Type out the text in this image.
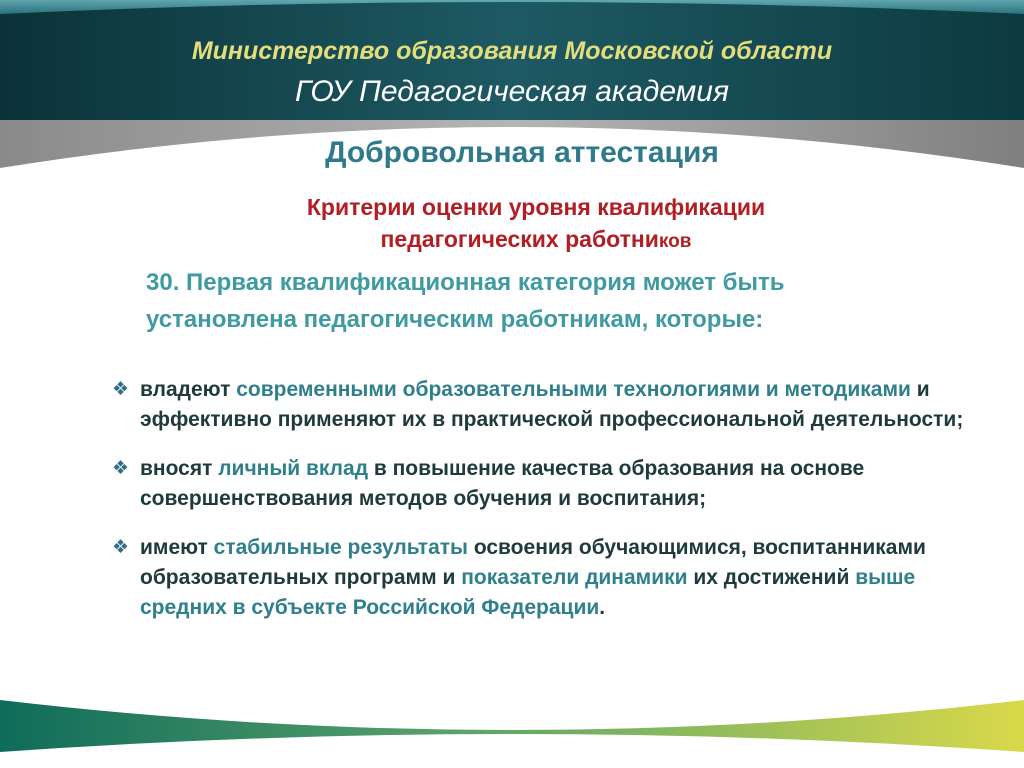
Министерство образования Московской области
ГОУ Педагогическая академия
Добровольная аттестация
Критерии оценки уровня квалификации
педагогических работников
30. Первая квалификационная категория может быть
установлена педагогическим работникам, которые:
❖ владеют современными образовательными технологиями и методиками и эффективно применяют их в практической профессиональной деятельности;
❖ вносят личный вклад в повышение качества образования на основе совершенствования методов обучения и воспитания;
❖ имеют стабильные результаты освоения обучающимися, воспитанниками образовательных программ и показатели динамики их достижений выше средних в субъекте Российской Федерации.
